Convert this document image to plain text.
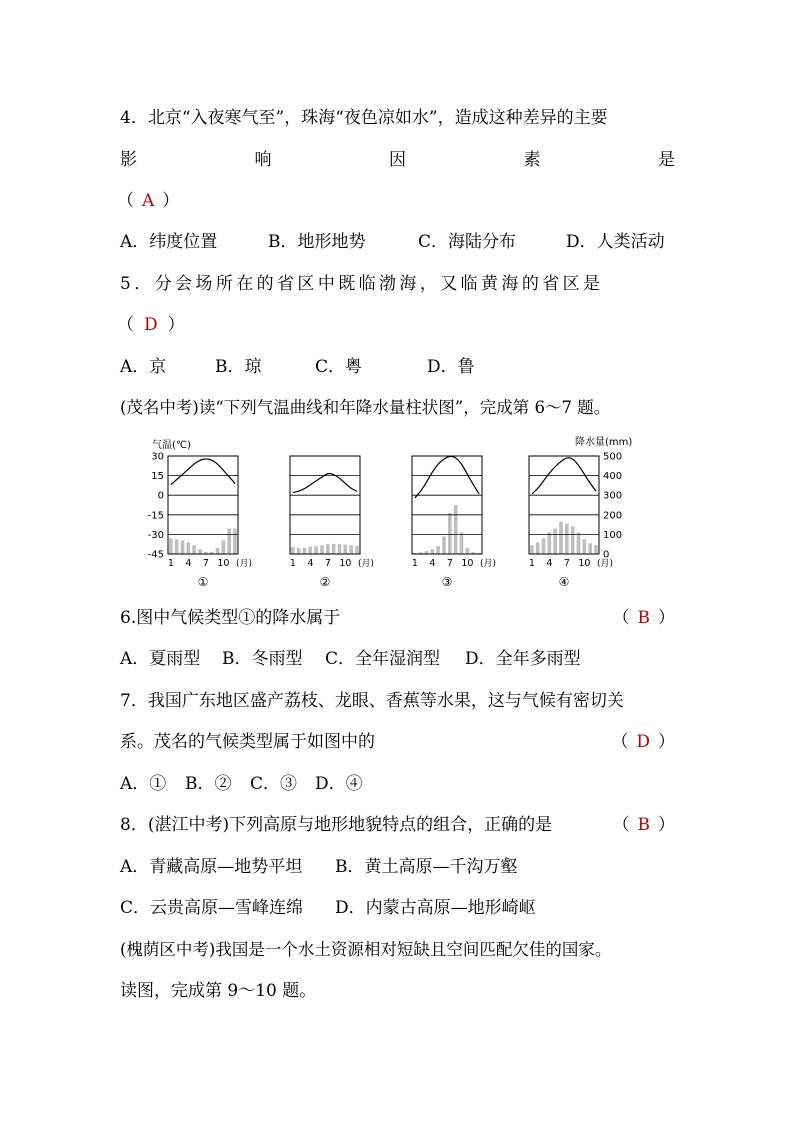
4．北京“入夜寒气至”，珠海“夜色凉如水”，造成这种差异的主要
影	响	因	素	是
（ A ）
A．纬度位置	B．地形地势	C．海陆分布	D．人类活动
5．分会场所在的省区中既临渤海，又临黄海的省区是
（ D ）
A．京	B．琼	C．粤	D．鲁
(茂名中考)读“下列气温曲线和年降水量柱状图”，完成第 6～7 题。
气温(℃)
30
15
0
-15
-30
-45
降水量(mm)
500
400
300
200
100
0
1 4 7 10 (月)
①
1 4 7 10 (月)
②
1 4 7 10 (月)
③
1 4 7 10 (月)
④
6.图中气候类型①的降水属于	（ B ）
A．夏雨型 B．冬雨型 C．全年湿润型 D．全年多雨型
7．我国广东地区盛产荔枝、龙眼、香蕉等水果，这与气候有密切关
系。茂名的气候类型属于如图中的	（ D ）
A．① B．② C．③ D．④
8．(湛江中考)下列高原与地形地貌特点的组合，正确的是	（ B ）
A．青藏高原—地势平坦 B．黄土高原—千沟万壑
C．云贵高原—雪峰连绵 D．内蒙古高原—地形崎岖
(槐荫区中考)我国是一个水土资源相对短缺且空间匹配欠佳的国家。
读图，完成第 9～10 题。
